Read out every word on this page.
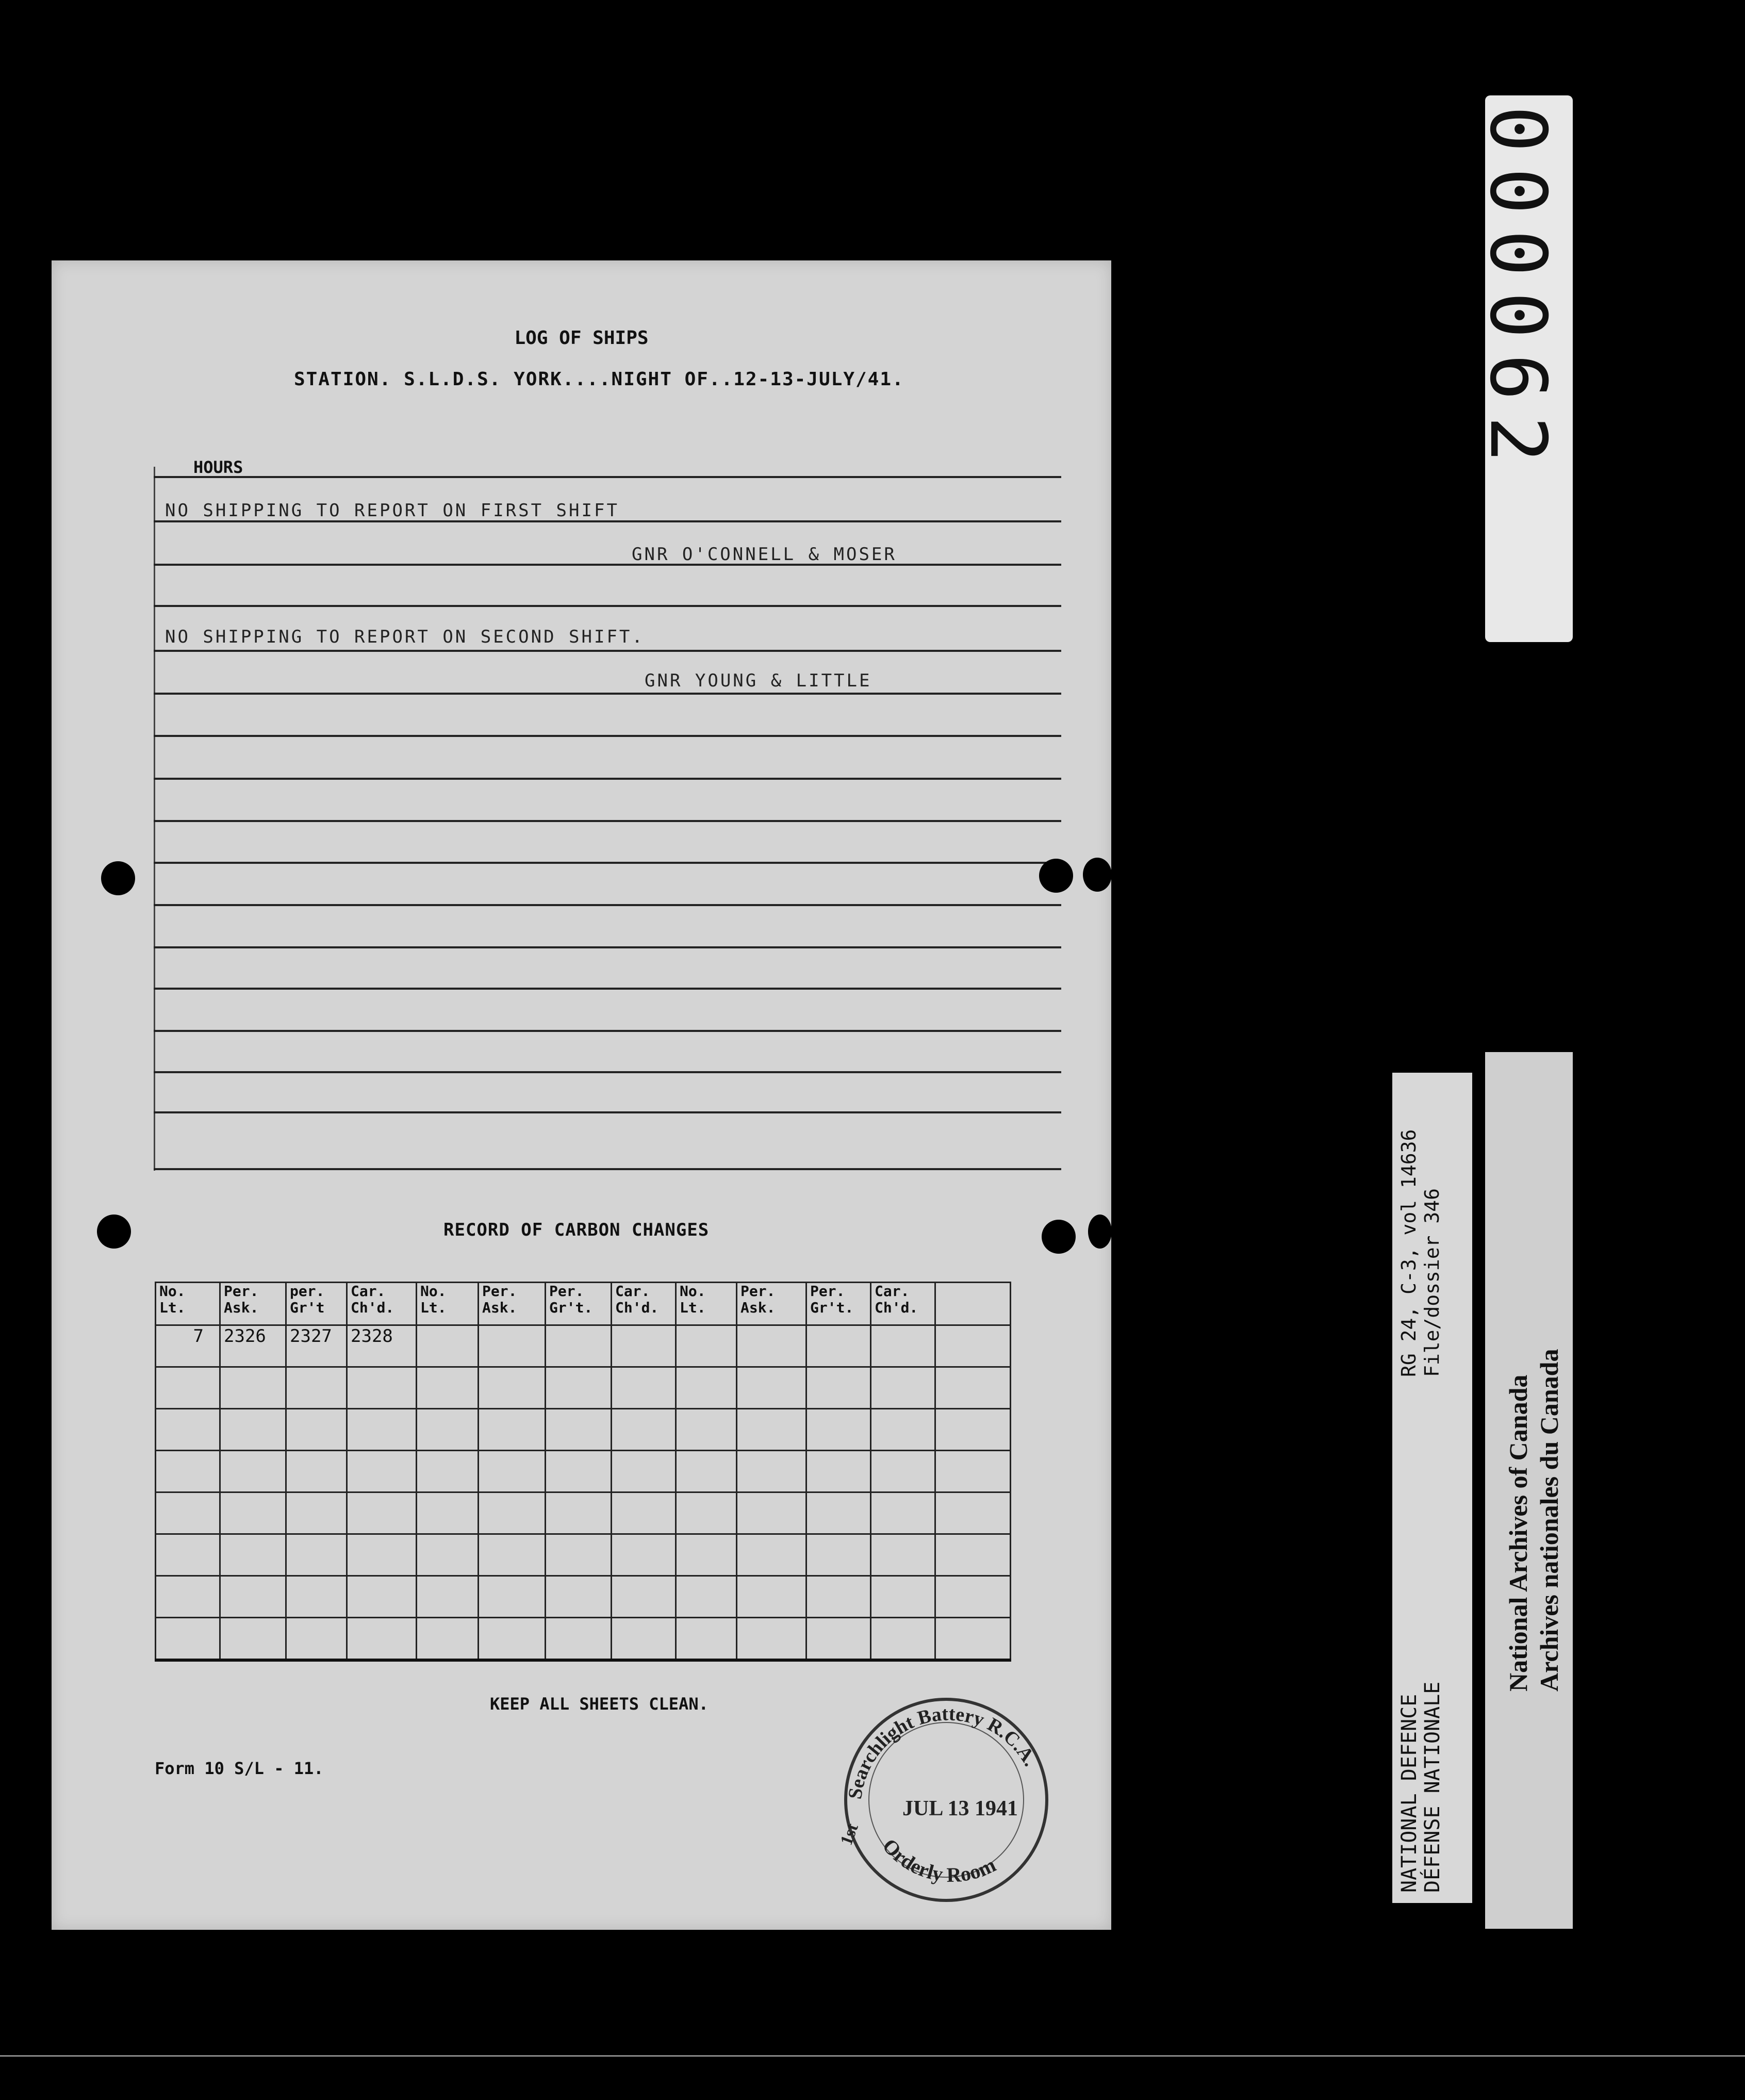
LOG OF SHIPS
STATION. S.L.D.S. YORK....NIGHT OF..12-13-JULY/41.
HOURS
NO SHIPPING TO REPORT ON FIRST SHIFT
GNR O'CONNELL & MOSER
NO SHIPPING TO REPORT ON SECOND SHIFT.
GNR YOUNG & LITTLE
RECORD OF CARBON CHANGES
No. Lt.	Per. Ask.	per. Gr't	Car. Ch'd.	No. Lt.	Per. Ask.	Per. Gr't.	Car. Ch'd.	No. Lt.	Per. Ask.	Per. Gr't.	Car. Ch'd.	
7	2326	2327	2328									

KEEP ALL SHEETS CLEAN.
Form 10 S/L - 11.
Searchlight Battery R.C.A.
Orderly Room
JUL 13 1941
1st
000062
NATIONAL DEFENCE DÉFENSE NATIONALE
RG 24, C-3, vol 14636 File/dossier 346
National Archives of Canada Archives nationales du Canada
